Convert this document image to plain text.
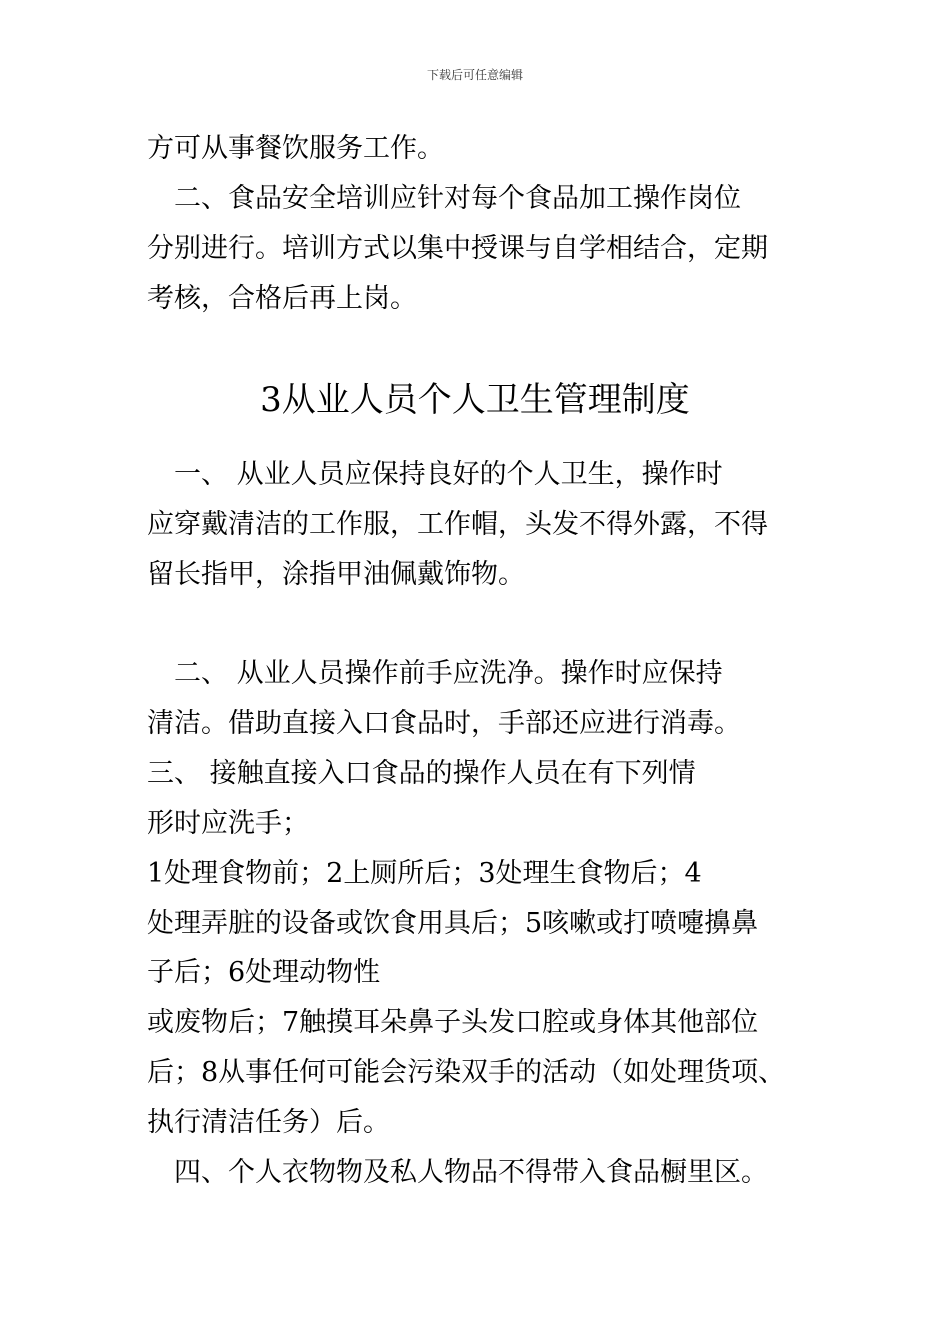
下载后可任意编辑
方可从事餐饮服务工作。
　二、食品安全培训应针对每个食品加工操作岗位
分别进行。培训方式以集中授课与自学相结合，定期
考核，合格后再上岗。
3从业人员个人卫生管理制度
　一、 从业人员应保持良好的个人卫生，操作时
应穿戴清洁的工作服，工作帽，头发不得外露，不得
留长指甲，涂指甲油佩戴饰物。
　二、 从业人员操作前手应洗净。操作时应保持
清洁。借助直接入口食品时，手部还应进行消毒。
三、 接触直接入口食品的操作人员在有下列情
形时应洗手；
1处理食物前；2上厕所后；3处理生食物后；4
处理弄脏的设备或饮食用具后；5咳嗽或打喷嚏擤鼻
子后；6处理动物性
或废物后；7触摸耳朵鼻子头发口腔或身体其他部位
后；8从事任何可能会污染双手的活动（如处理货项、
执行清洁任务）后。
　四、个人衣物物及私人物品不得带入食品橱里区。
